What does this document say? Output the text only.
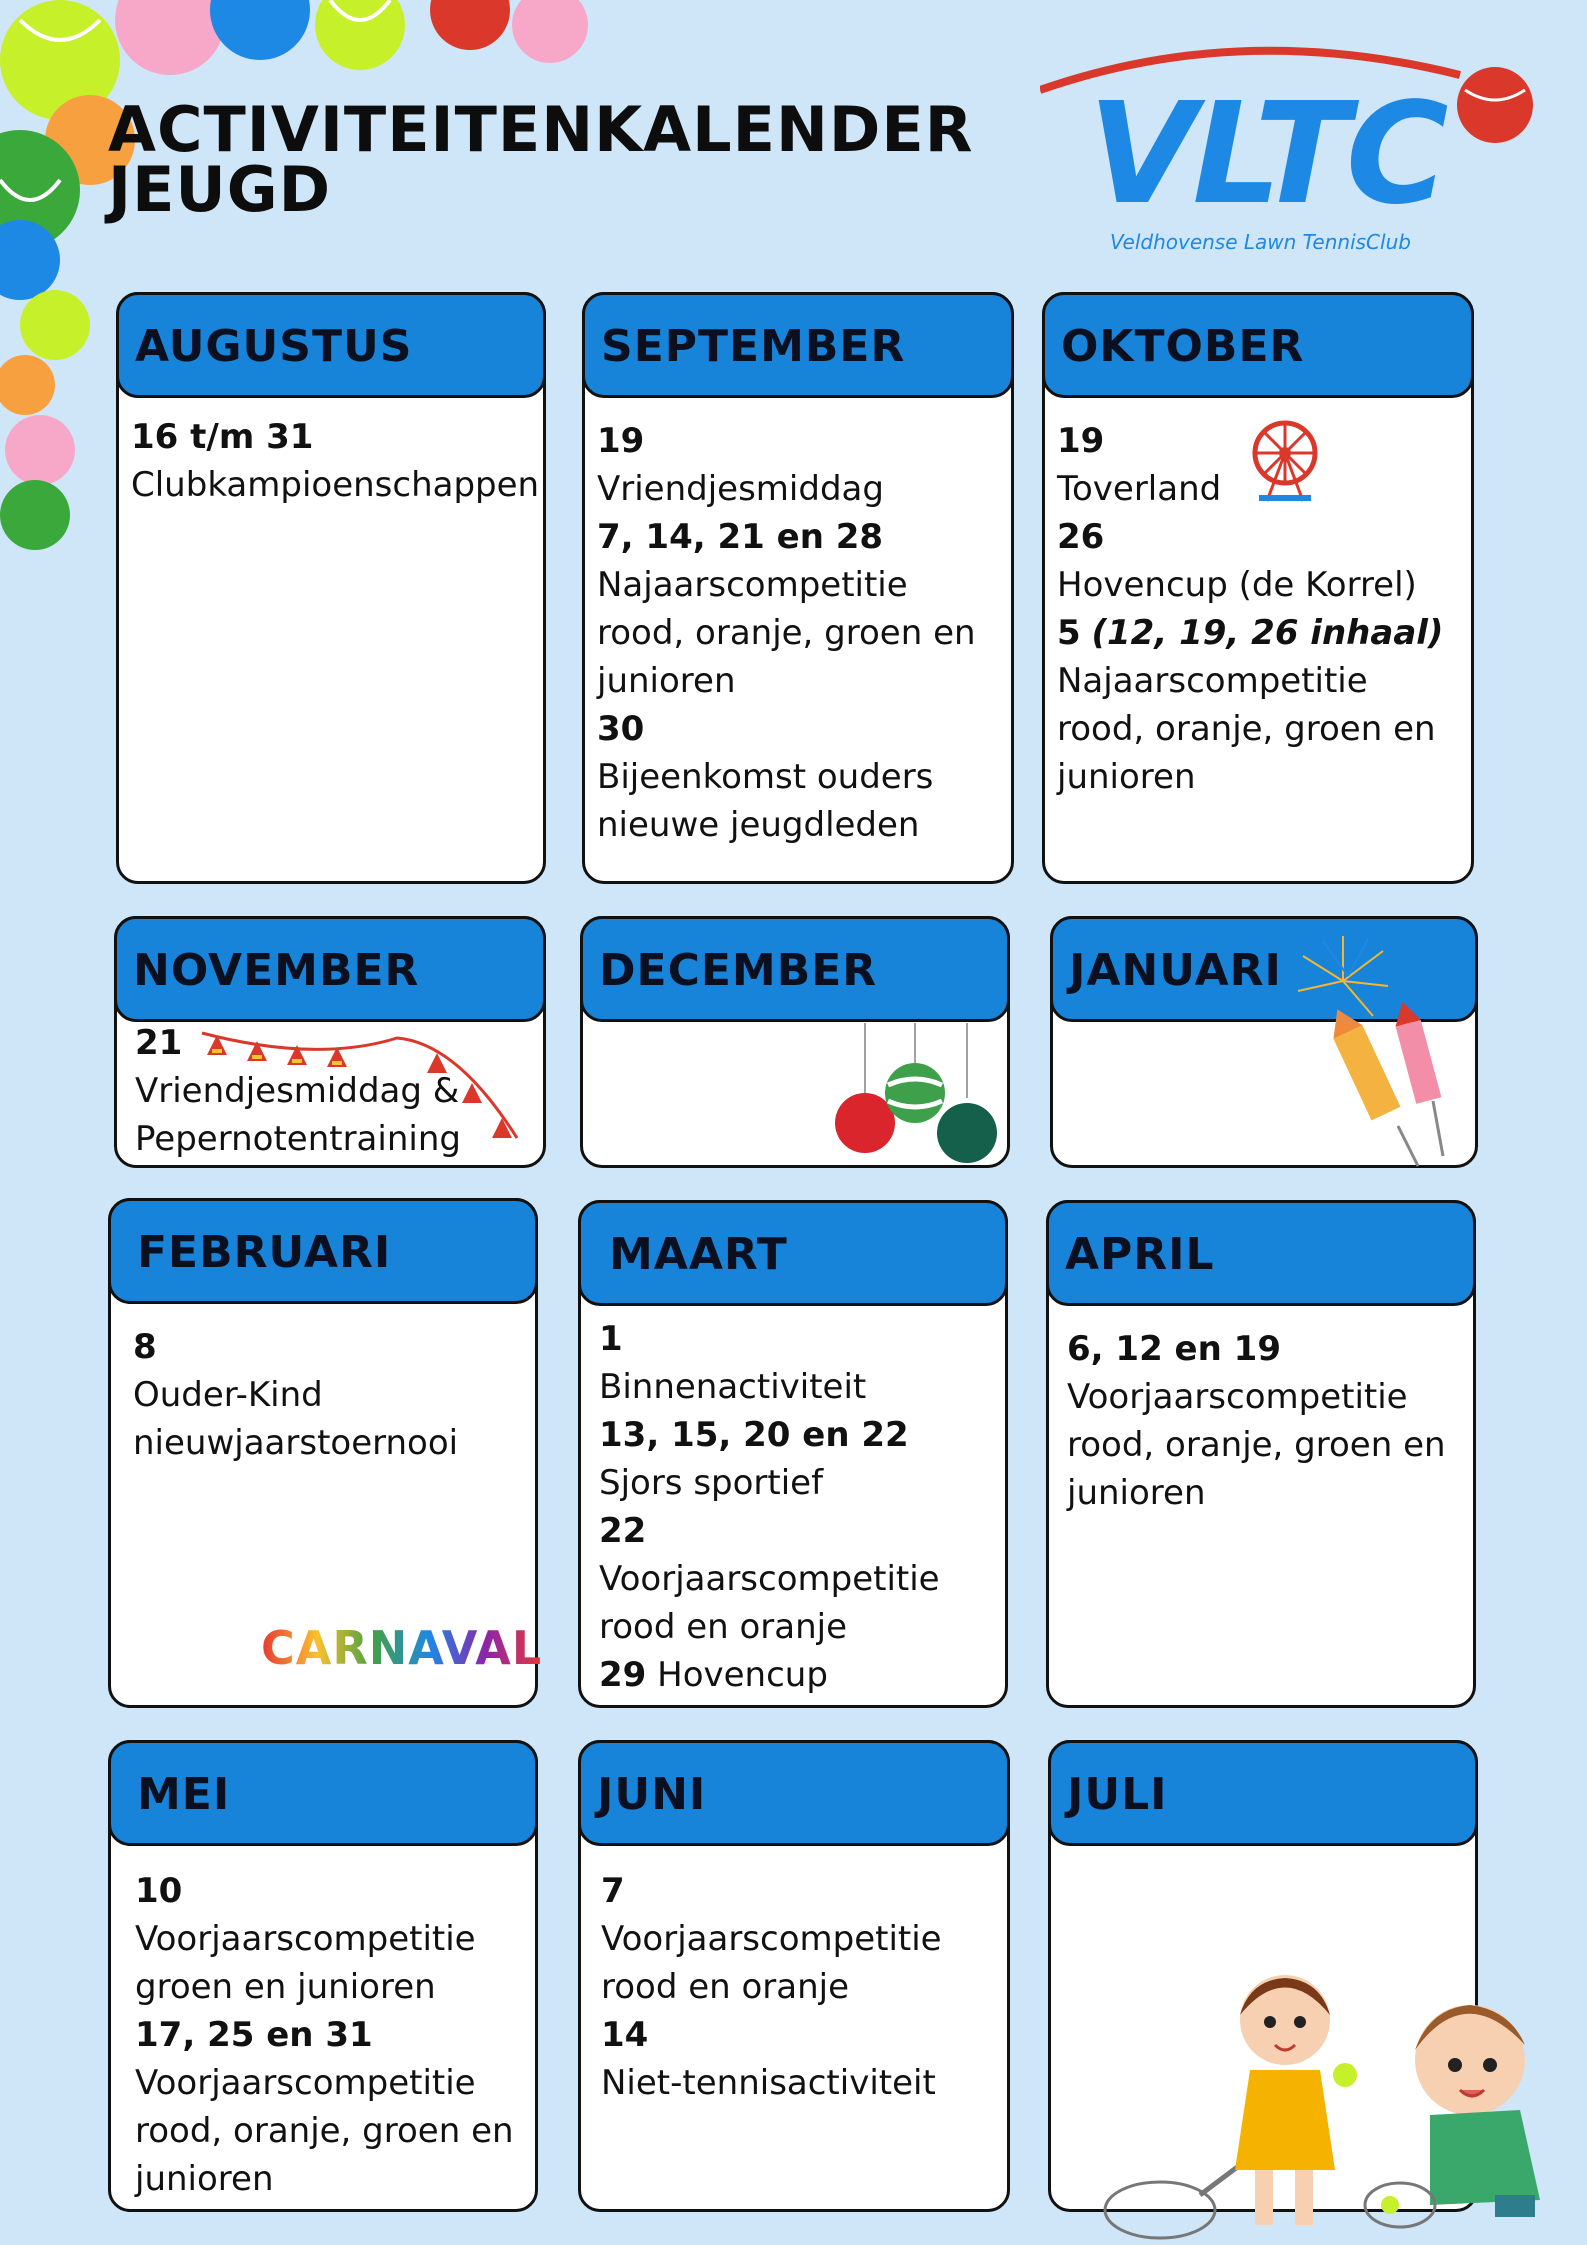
ACTIVITEITENKALENDER
JEUGD	VLTC
Veldhovense Lawn TennisClub
AUGUSTUS
16 t/m 31
Clubkampioenschappen
SEPTEMBER
19
Vriendjesmiddag
7, 14, 21 en 28
Najaarscompetitie rood, oranje, groen en junioren
30
Bijeenkomst ouders nieuwe jeugdleden
OKTOBER
19
Toverland
26
Hovencup (de Korrel)
5 (12, 19, 26 inhaal)
Najaarscompetitie rood, oranje, groen en junioren
NOVEMBER
21
Vriendjesmiddag & Pepernotentraining
DECEMBER	JANUARI
FEBRUARI
8
Ouder-Kind nieuwjaarstoernooi
CARNAVAL
MAART
1
Binnenactiviteit
13, 15, 20 en 22
Sjors sportief
22
Voorjaarscompetitie rood en oranje
29 Hovencup
APRIL
6, 12 en 19
Voorjaarscompetitie rood, oranje, groen en junioren
MEI
10
Voorjaarscompetitie groen en junioren
17, 25 en 31
Voorjaarscompetitie rood, oranje, groen en junioren
JUNI
7
Voorjaarscompetitie rood en oranje
14
Niet-tennisactiviteit
JULI
